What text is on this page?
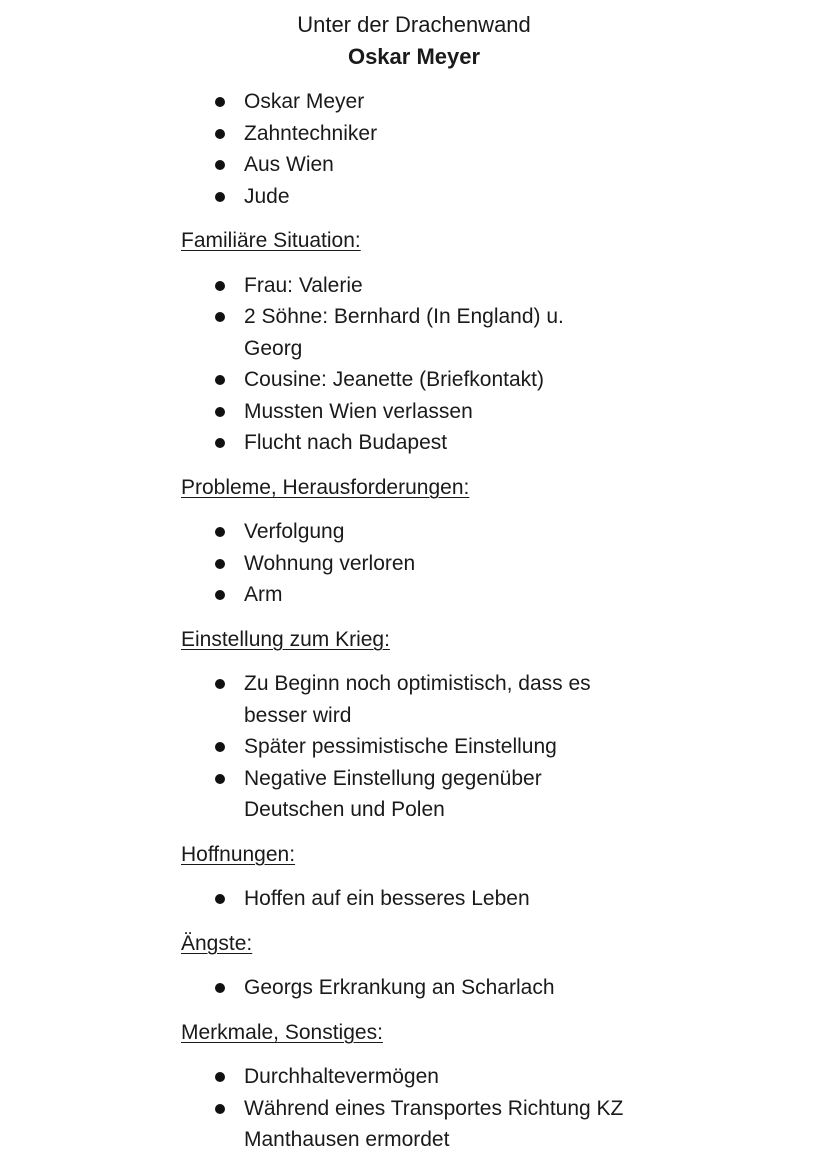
Unter der Drachenwand
Oskar Meyer
Oskar Meyer
Zahntechniker
Aus Wien
Jude
Familiäre Situation:
Frau: Valerie
2 Söhne: Bernhard (In England) u. Georg
Cousine: Jeanette (Briefkontakt)
Mussten Wien verlassen
Flucht nach Budapest
Probleme, Herausforderungen:
Verfolgung
Wohnung verloren
Arm
Einstellung zum Krieg:
Zu Beginn noch optimistisch, dass es besser wird
Später pessimistische Einstellung
Negative Einstellung gegenüber Deutschen und Polen
Hoffnungen:
Hoffen auf ein besseres Leben
Ängste:
Georgs Erkrankung an Scharlach
Merkmale, Sonstiges:
Durchhaltevermögen
Während eines Transportes Richtung KZ Manthausen ermordet
